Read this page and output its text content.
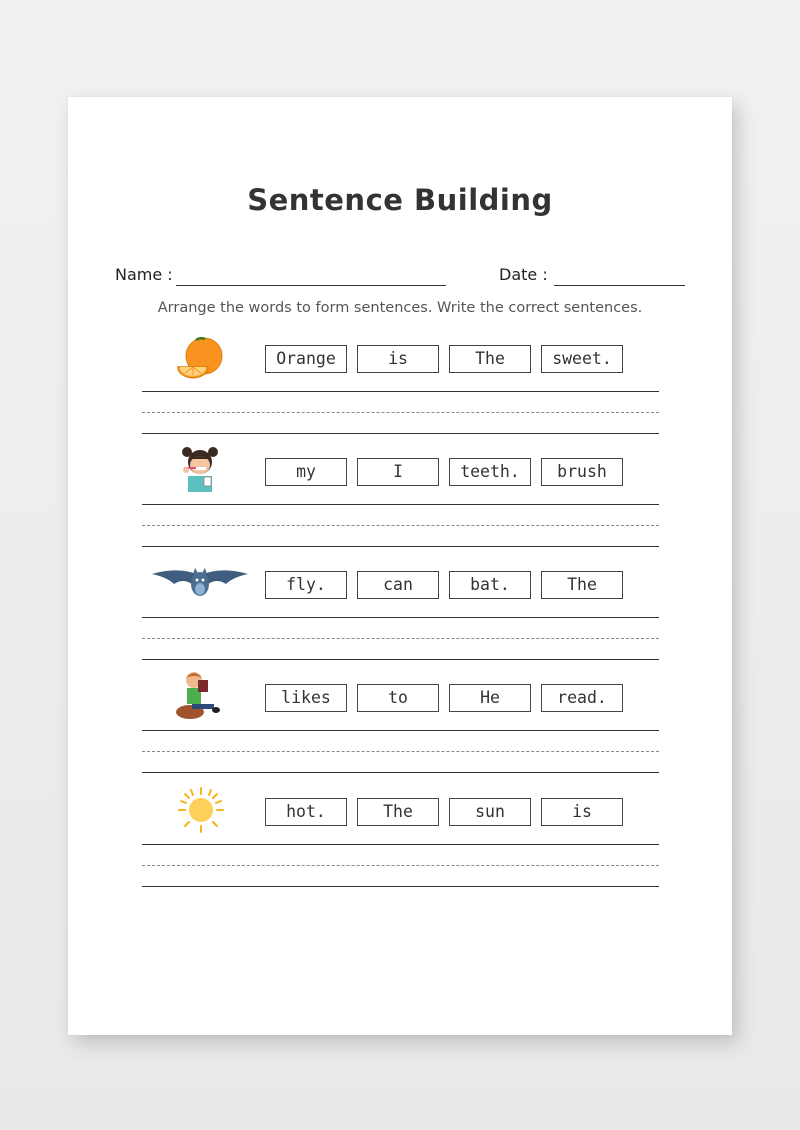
Sentence Building
Name :	Date :
Arrange the words to form sentences. Write the correct sentences.
Orange	is	The	sweet.
my	I	teeth.	brush
fly.	can	bat.	The
likes	to	He	read.
hot.	The	sun	is
